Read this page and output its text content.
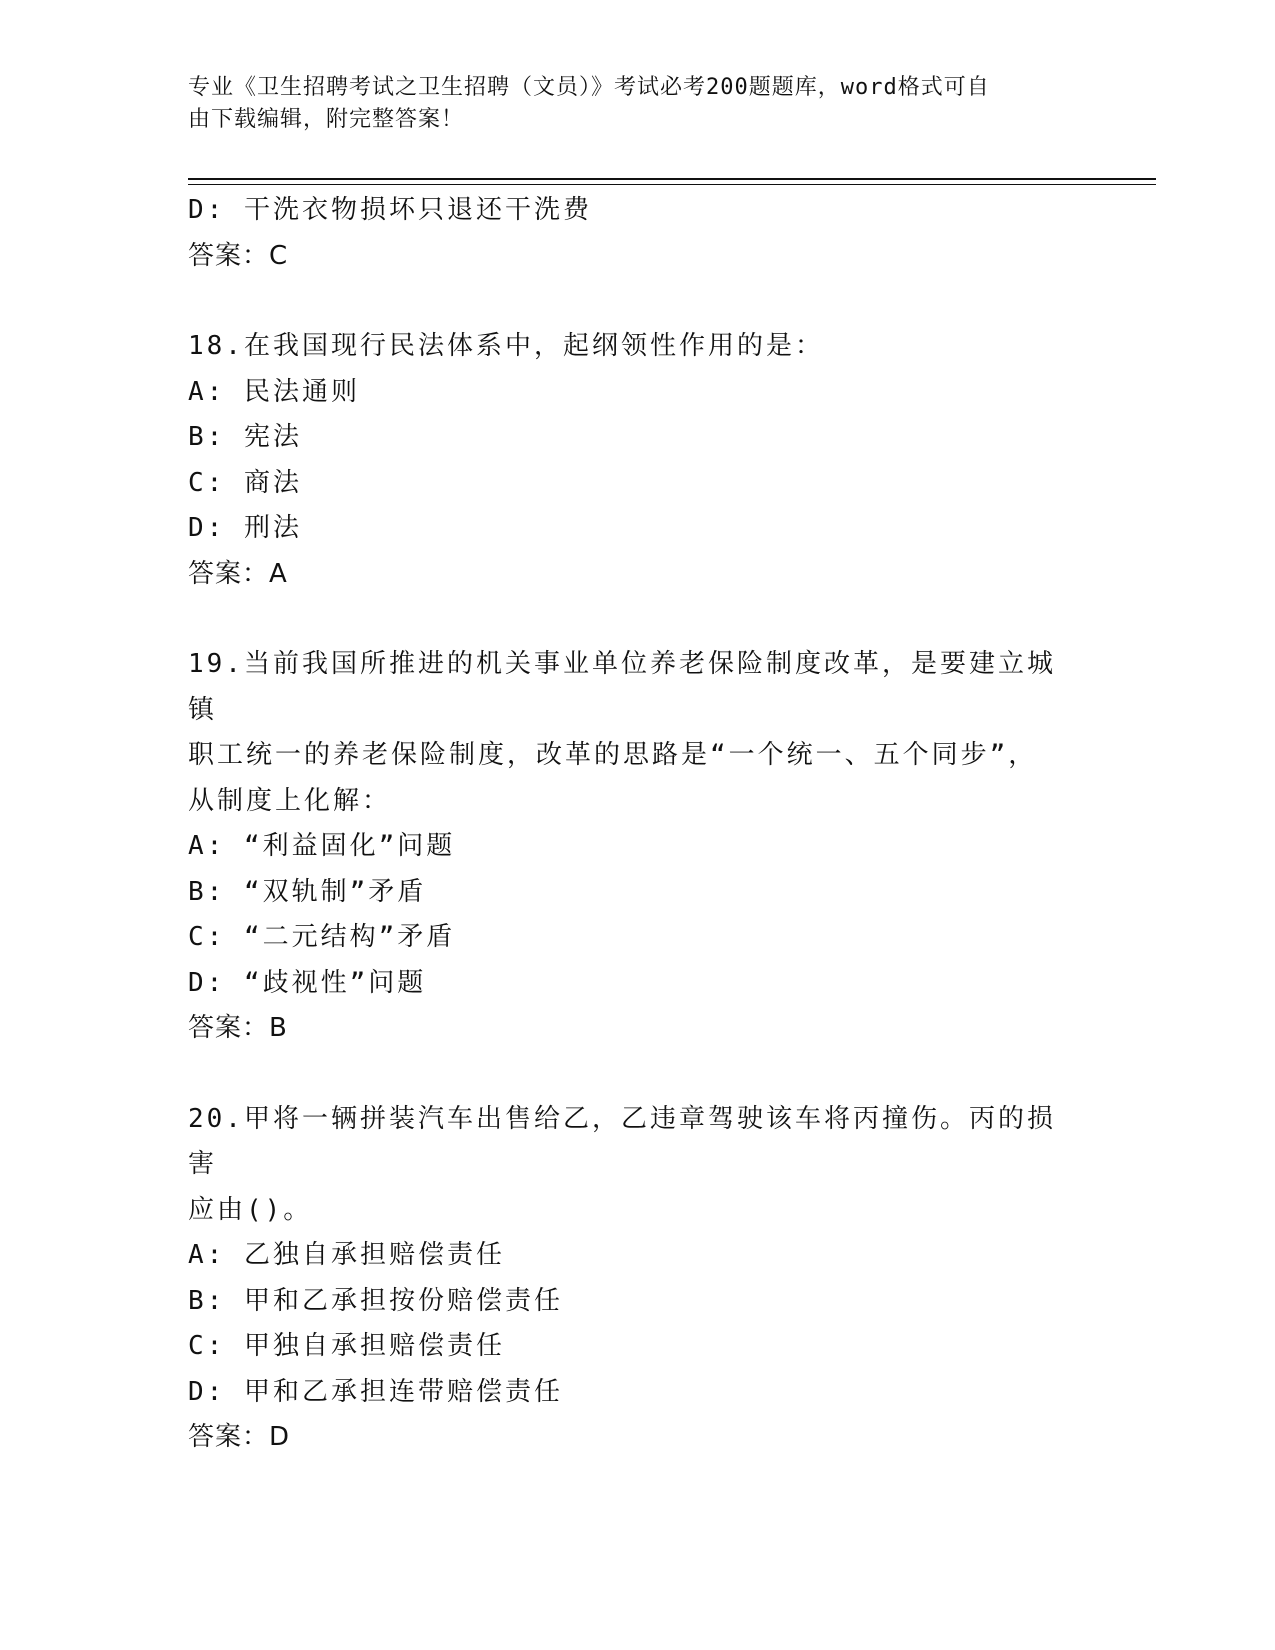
专业《卫生招聘考试之卫生招聘（文员）》考试必考200题题库，word格式可自
由下载编辑，附完整答案！
D: 干洗衣物损坏只退还干洗费
答案：C
18.在我国现行民法体系中，起纲领性作用的是：
A: 民法通则
B: 宪法
C: 商法
D: 刑法
答案：A
19.当前我国所推进的机关事业单位养老保险制度改革，是要建立城镇
职工统一的养老保险制度，改革的思路是“一个统一、五个同步”，
从制度上化解：
A: “利益固化”问题
B: “双轨制”矛盾
C: “二元结构”矛盾
D: “歧视性”问题
答案：B
20.甲将一辆拼装汽车出售给乙，乙违章驾驶该车将丙撞伤。丙的损害
应由()。
A: 乙独自承担赔偿责任
B: 甲和乙承担按份赔偿责任
C: 甲独自承担赔偿责任
D: 甲和乙承担连带赔偿责任
答案：D
